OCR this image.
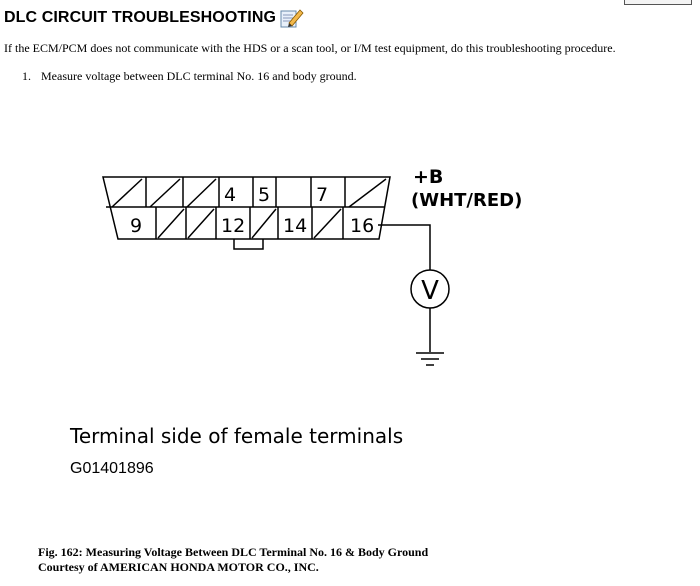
DLC CIRCUIT TROUBLESHOOTING
If the ECM/PCM does not communicate with the HDS or a scan tool, or I/M test equipment, do this troubleshooting procedure.
1. Measure voltage between DLC terminal No. 16 and body ground.
4 5 7
9	12 14 16
+B
(WHT/RED)
V
Terminal side of female terminals
G01401896
Fig. 162: Measuring Voltage Between DLC Terminal No. 16 & Body Ground
Courtesy of AMERICAN HONDA MOTOR CO., INC.
